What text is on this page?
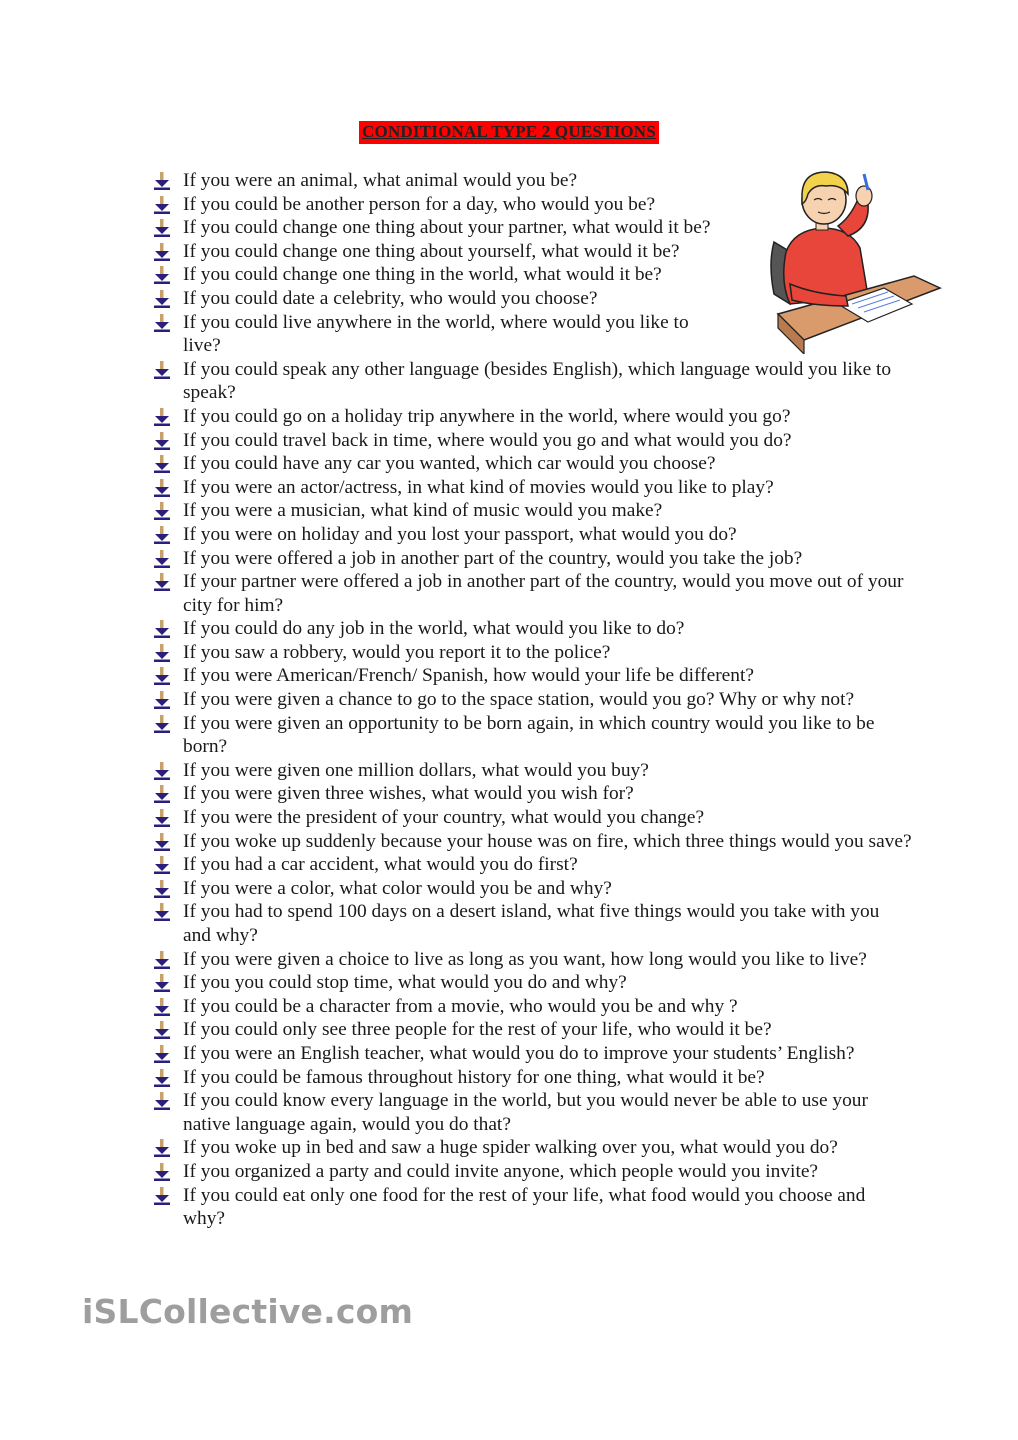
CONDITIONAL TYPE 2 QUESTIONS
If you were an animal, what animal would you be?
If you could be another person for a day, who would you be?
If you could change one thing about your partner, what would it be?
If you could change one thing about yourself, what would it be?
If you could change one thing in the world, what would it be?
If you could date a celebrity, who would you choose?
If you could live anywhere in the world, where would you like to live?
If you could speak any other language (besides English), which language would you like to speak?
If you could go on a holiday trip anywhere in the world, where would you go?
If you could travel back in time, where would you go and what would you do?
If you could have any car you wanted, which car would you choose?
If you were an actor/actress, in what kind of movies would you like to play?
If you were a musician, what kind of music would you make?
If you were on holiday and you lost your passport, what would you do?
If you were offered a job in another part of the country, would you take the job?
If your partner were offered a job in another part of the country, would you move out of your city for him?
If you could do any job in the world, what would you like to do?
If you saw a robbery, would you report it to the police?
If you were American/French/ Spanish, how would your life be different?
If you were given a chance to go to the space station, would you go? Why or why not?
If you were given an opportunity to be born again, in which country would you like to be born?
If you were given one million dollars, what would you buy?
If you were given three wishes, what would you wish for?
If you were the president of your country, what would you change?
If you woke up suddenly because your house was on fire, which three things would you save?
If you had a car accident, what would you do first?
If you were a color, what color would you be and why?
If you had to spend 100 days on a desert island, what five things would you take with you and why?
If you were given a choice to live as long as you want, how long would you like to live?
If you you could stop time, what would you do and why?
If you could be a character from a movie, who would you be and why ?
If you could only see three people for the rest of your life, who would it be?
If you were an English teacher, what would you do to improve your students’ English?
If you could be famous throughout history for one thing, what would it be?
If you could know every language in the world, but you would never be able to use your native language again, would you do that?
If you woke up in bed and saw a huge spider walking over you, what would you do?
If you organized a party and could invite anyone, which people would you invite?
If you could eat only one food for the rest of your life, what food would you choose and why?
iSLCollective.com
